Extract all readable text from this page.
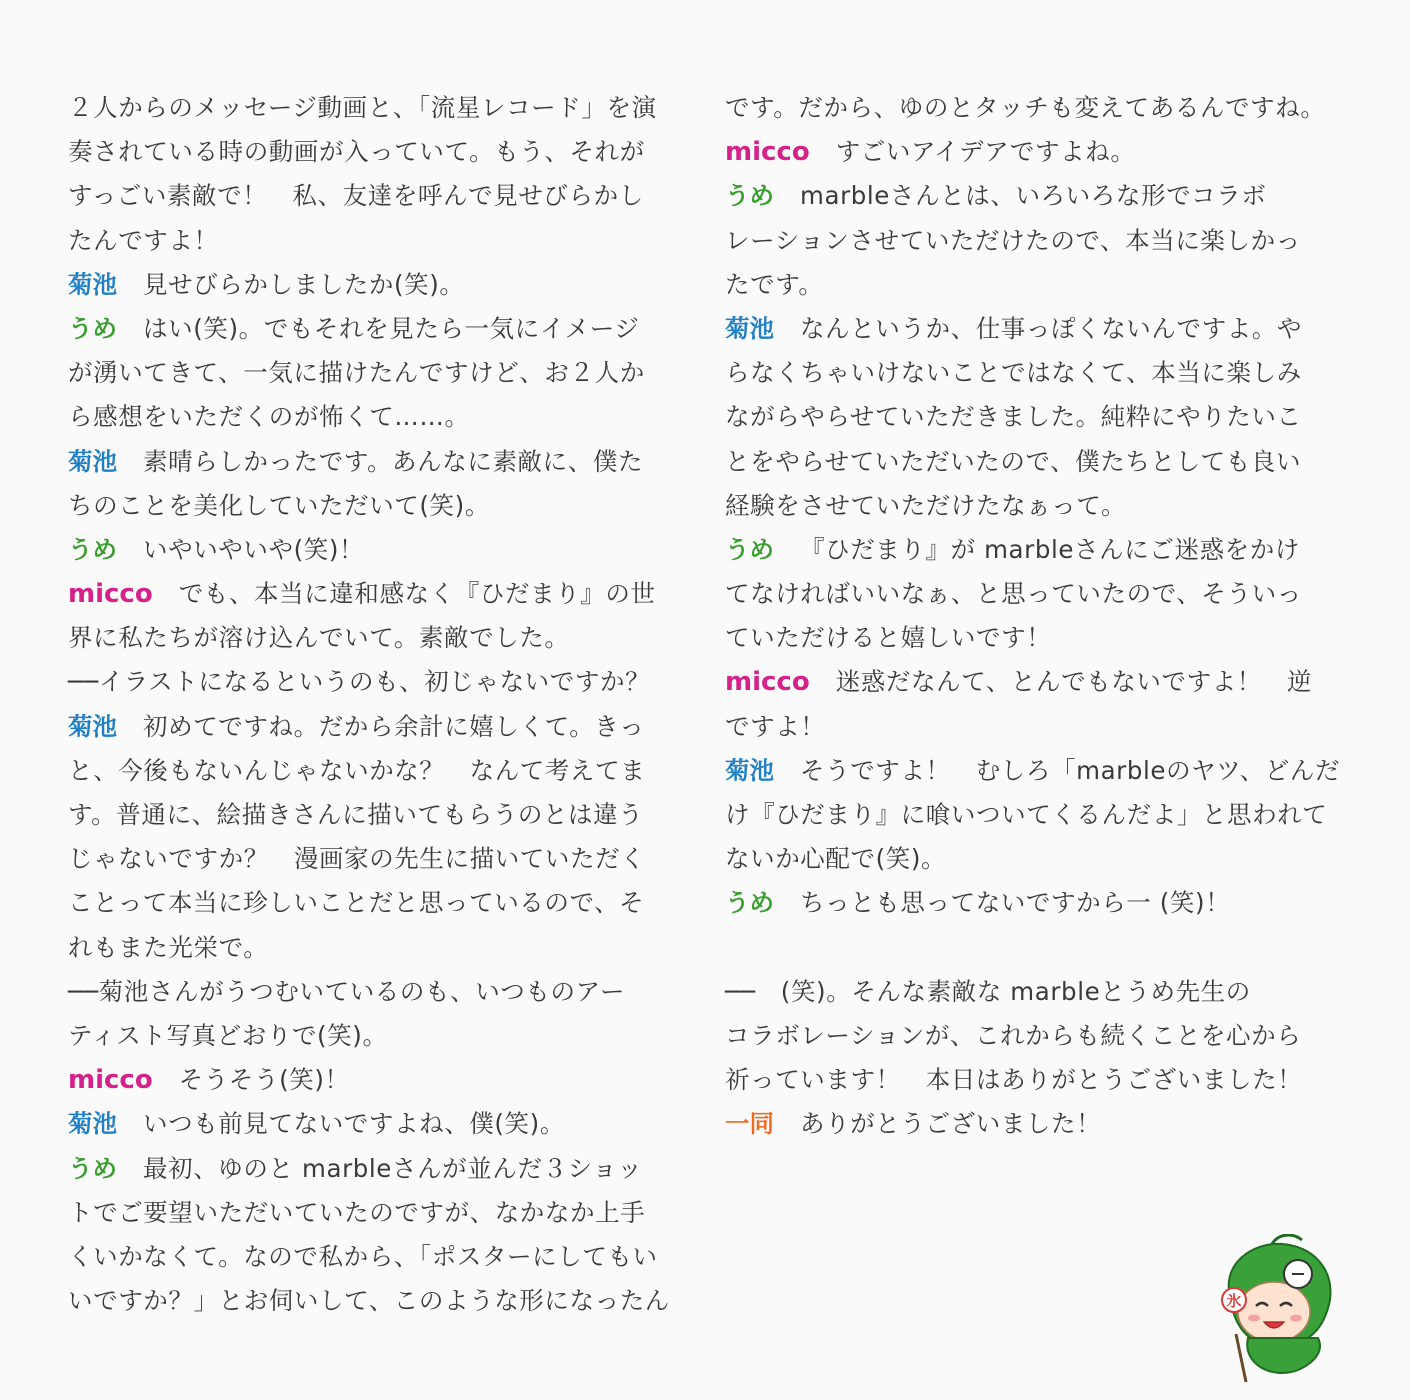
２人からのメッセージ動画と、「流星レコード」を演
奏されている時の動画が入っていて。もう、それが
すっごい素敵で！　私、友達を呼んで見せびらかし
たんですよ！
菊池 見せびらかしましたか(笑)。
うめ はい(笑)。でもそれを見たら一気にイメージ
が湧いてきて、一気に描けたんですけど、お２人か
ら感想をいただくのが怖くて……。
菊池 素晴らしかったです。あんなに素敵に、僕た
ちのことを美化していただいて(笑)。
うめ いやいやいや(笑)！
micco でも、本当に違和感なく『ひだまり』の世
界に私たちが溶け込んでいて。素敵でした。
──イラストになるというのも、初じゃないですか？
菊池 初めてですね。だから余計に嬉しくて。きっ
と、今後もないんじゃないかな？　なんて考えてま
す。普通に、絵描きさんに描いてもらうのとは違う
じゃないですか？　漫画家の先生に描いていただく
ことって本当に珍しいことだと思っているので、そ
れもまた光栄で。
──菊池さんがうつむいているのも、いつものアー
ティスト写真どおりで(笑)。
micco そうそう(笑)！
菊池 いつも前見てないですよね、僕(笑)。
うめ 最初、ゆのと marbleさんが並んだ３ショッ
トでご要望いただいていたのですが、なかなか上手
くいかなくて。なので私から、「ポスターにしてもい
いですか？」とお伺いして、このような形になったん
です。だから、ゆのとタッチも変えてあるんですね。
micco すごいアイデアですよね。
うめ marbleさんとは、いろいろな形でコラボ
レーションさせていただけたので、本当に楽しかっ
たです。
菊池 なんというか、仕事っぽくないんですよ。や
らなくちゃいけないことではなくて、本当に楽しみ
ながらやらせていただきました。純粋にやりたいこ
とをやらせていただいたので、僕たちとしても良い
経験をさせていただけたなぁって。
うめ 『ひだまり』が marbleさんにご迷惑をかけ
てなければいいなぁ、と思っていたので、そういっ
ていただけると嬉しいです！
micco 迷惑だなんて、とんでもないですよ！　逆
ですよ！
菊池 そうですよ！　むしろ「marbleのヤツ、どんだ
け『ひだまり』に喰いついてくるんだよ」と思われて
ないか心配で(笑)。
うめ ちっとも思ってないですから一 (笑)！
──　(笑)。そんな素敵な marbleとうめ先生の
コラボレーションが、これからも続くことを心から
祈っています！　本日はありがとうございました！
一同 ありがとうございました！
氷
